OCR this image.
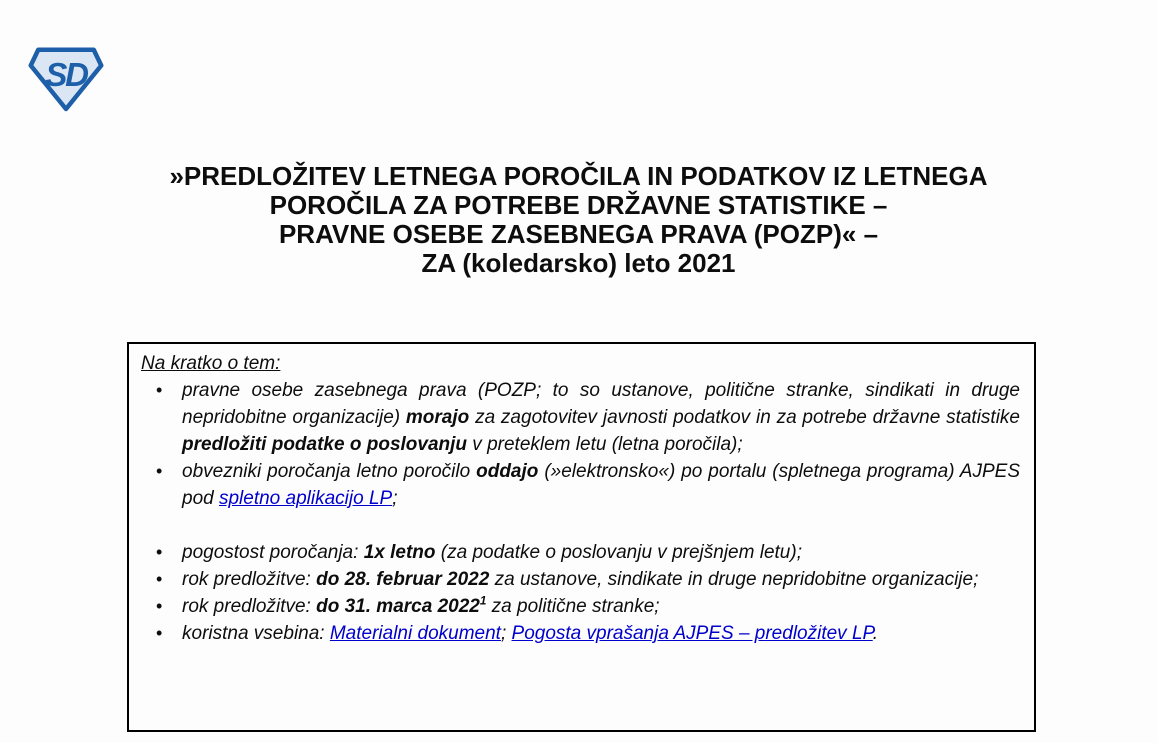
SD
»PREDLOŽITEV LETNEGA POROČILA IN PODATKOV IZ LETNEGA
POROČILA ZA POTREBE DRŽAVNE STATISTIKE –
PRAVNE OSEBE ZASEBNEGA PRAVA (POZP)« –
ZA (koledarsko) leto 2021
Na kratko o tem:
• pravne osebe zasebnega prava (POZP; to so ustanove, politične stranke, sindikati in druge nepridobitne organizacije) morajo za zagotovitev javnosti podatkov in za potrebe državne statistike predložiti podatke o poslovanju v preteklem letu (letna poročila);
• obvezniki poročanja letno poročilo oddajo (»elektronsko«) po portalu (spletnega programa) AJPES pod spletno aplikacijo LP;
• pogostost poročanja: 1x letno (za podatke o poslovanju v prejšnjem letu);
• rok predložitve: do 28. februar 2022 za ustanove, sindikate in druge nepridobitne organizacije;
• rok predložitve: do 31. marca 2022$^1$ za politične stranke;
• koristna vsebina: Materialni dokument; Pogosta vprašanja AJPES – predložitev LP.
